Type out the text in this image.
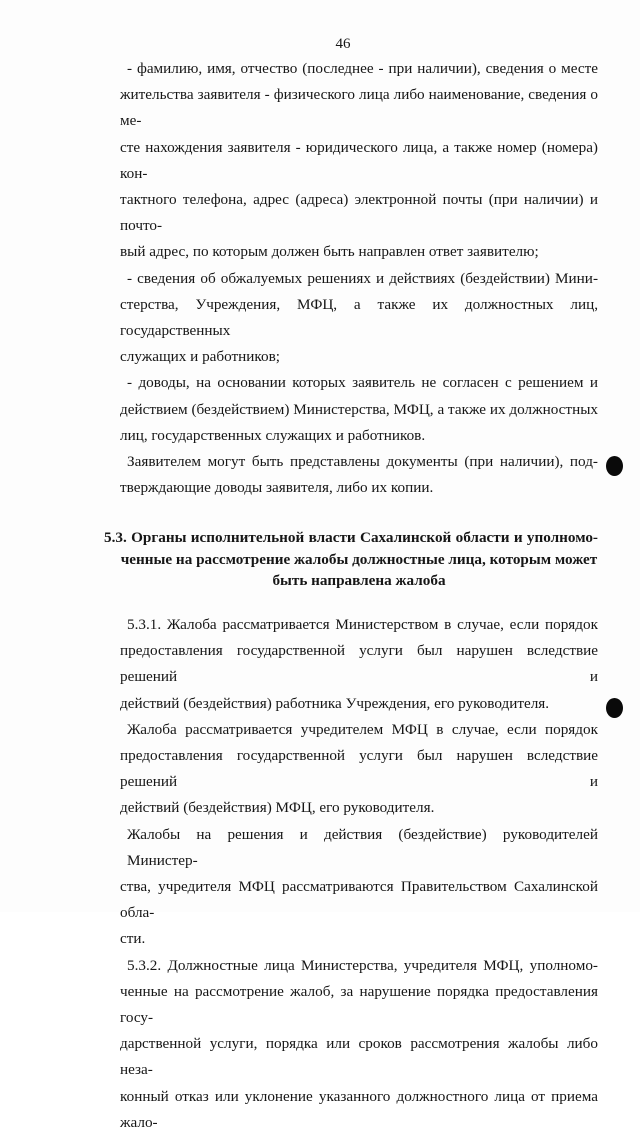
46
- фамилию, имя, отчество (последнее - при наличии), сведения о месте
жительства заявителя - физического лица либо наименование, сведения о ме-
сте нахождения заявителя - юридического лица, а также номер (номера) кон-
тактного телефона, адрес (адреса) электронной почты (при наличии) и почто-
вый адрес, по которым должен быть направлен ответ заявителю;
- сведения об обжалуемых решениях и действиях (бездействии) Мини-
стерства, Учреждения, МФЦ, а также их должностных лиц, государственных
служащих и работников;
- доводы, на основании которых заявитель не согласен с решением и
действием (бездействием) Министерства, МФЦ, а также их должностных
лиц, государственных служащих и работников.
Заявителем могут быть представлены документы (при наличии), под-
тверждающие доводы заявителя, либо их копии.
5.3. Органы исполнительной власти Сахалинской области и уполномо-
ченные на рассмотрение жалобы должностные лица, которым может
быть направлена жалоба
5.3.1. Жалоба рассматривается Министерством в случае, если порядок
предоставления государственной услуги был нарушен вследствие решений и
действий (бездействия) работника Учреждения, его руководителя.
Жалоба рассматривается учредителем МФЦ в случае, если порядок
предоставления государственной услуги был нарушен вследствие решений и
действий (бездействия) МФЦ, его руководителя.
Жалобы на решения и действия (бездействие) руководителей Министер-
ства, учредителя МФЦ рассматриваются Правительством Сахалинской обла-
сти.
5.3.2. Должностные лица Министерства, учредителя МФЦ, уполномо-
ченные на рассмотрение жалоб, за нарушение порядка предоставления госу-
дарственной услуги, порядка или сроков рассмотрения жалобы либо неза-
конный отказ или уклонение указанного должностного лица от приема жало-
